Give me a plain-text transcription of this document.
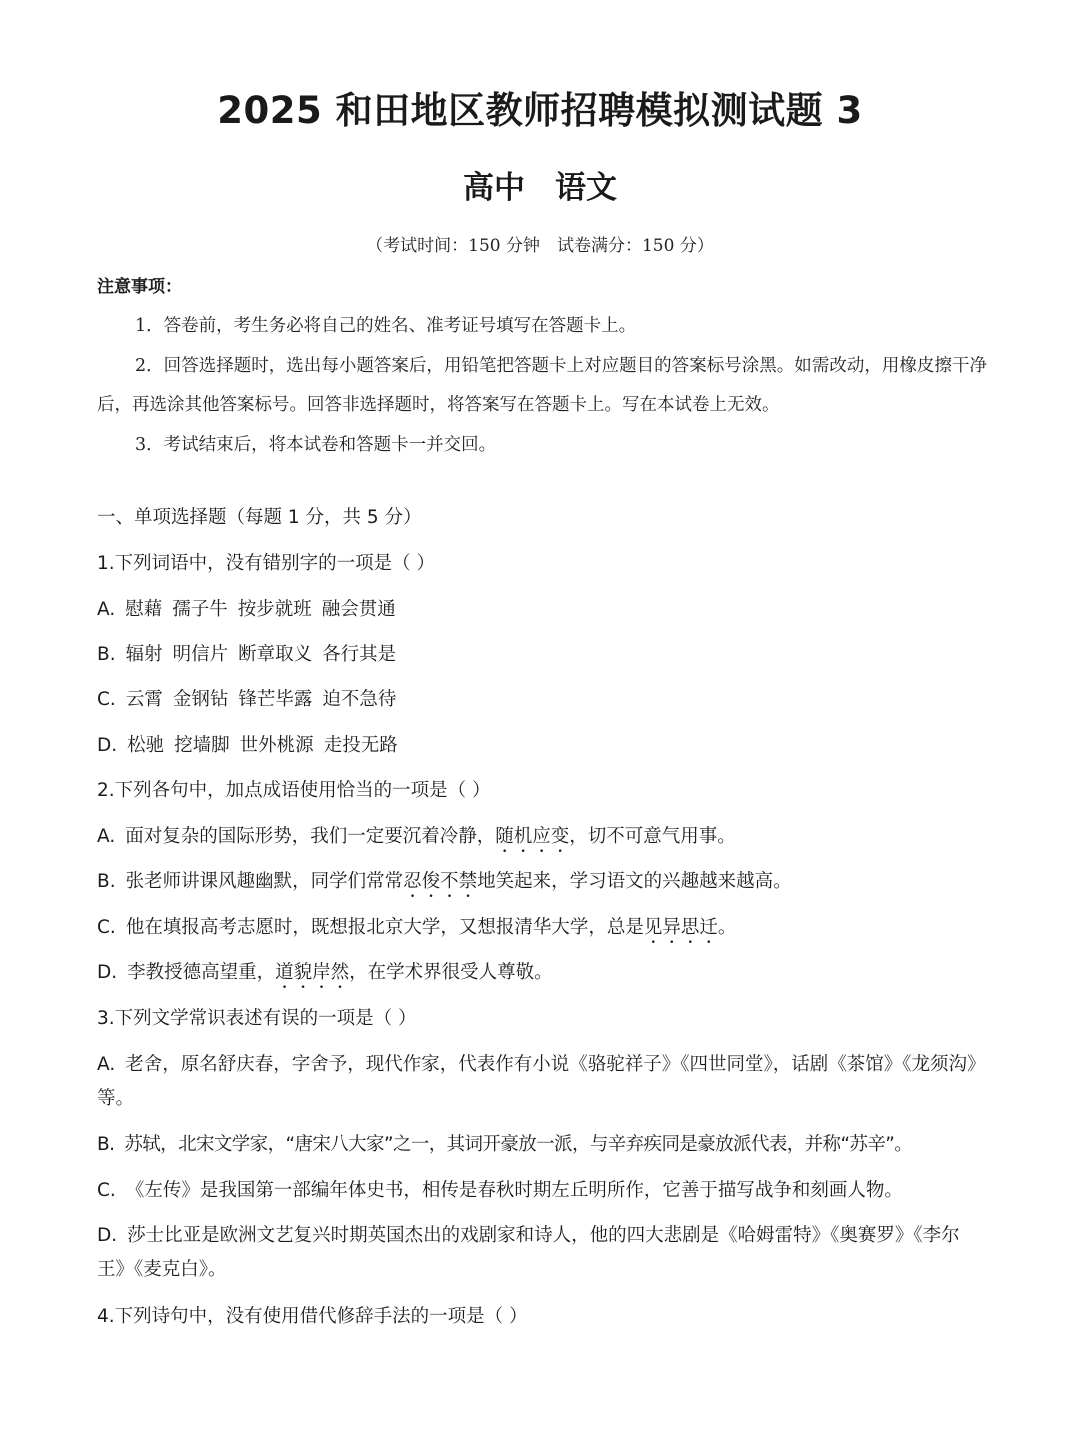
2025 和田地区教师招聘模拟测试题 3
高中 语文
（考试时间：150 分钟　试卷满分：150 分）
注意事项：
1．答卷前，考生务必将自己的姓名、准考证号填写在答题卡上。
2．回答选择题时，选出每小题答案后，用铅笔把答题卡上对应题目的答案标号涂黑。如需改动，用橡皮擦干净后，再选涂其他答案标号。回答非选择题时，将答案写在答题卡上。写在本试卷上无效。
3．考试结束后，将本试卷和答题卡一并交回。
一、单项选择题（每题 1 分，共 5 分）
1.下列词语中，没有错别字的一项是（ ）
A. 慰藉 孺子牛 按步就班 融会贯通
B. 辐射 明信片 断章取义 各行其是
C. 云霄 金钢钻 锋芒毕露 迫不急待
D. 松驰 挖墙脚 世外桃源 走投无路
2.下列各句中，加点成语使用恰当的一项是（ ）
A. 面对复杂的国际形势，我们一定要沉着冷静，随机应变，切不可意气用事。
B. 张老师讲课风趣幽默，同学们常常忍俊不禁地笑起来，学习语文的兴趣越来越高。
C. 他在填报高考志愿时，既想报北京大学，又想报清华大学，总是见异思迁。
D. 李教授德高望重，道貌岸然，在学术界很受人尊敬。
3.下列文学常识表述有误的一项是（ ）
A. 老舍，原名舒庆春，字舍予，现代作家，代表作有小说《骆驼祥子》《四世同堂》，话剧《茶馆》《龙须沟》等。
B. 苏轼，北宋文学家，“唐宋八大家”之一，其词开豪放一派，与辛弃疾同是豪放派代表，并称“苏辛”。
C. 《左传》是我国第一部编年体史书，相传是春秋时期左丘明所作，它善于描写战争和刻画人物。
D. 莎士比亚是欧洲文艺复兴时期英国杰出的戏剧家和诗人，他的四大悲剧是《哈姆雷特》《奥赛罗》《李尔王》《麦克白》。
4.下列诗句中，没有使用借代修辞手法的一项是（ ）
